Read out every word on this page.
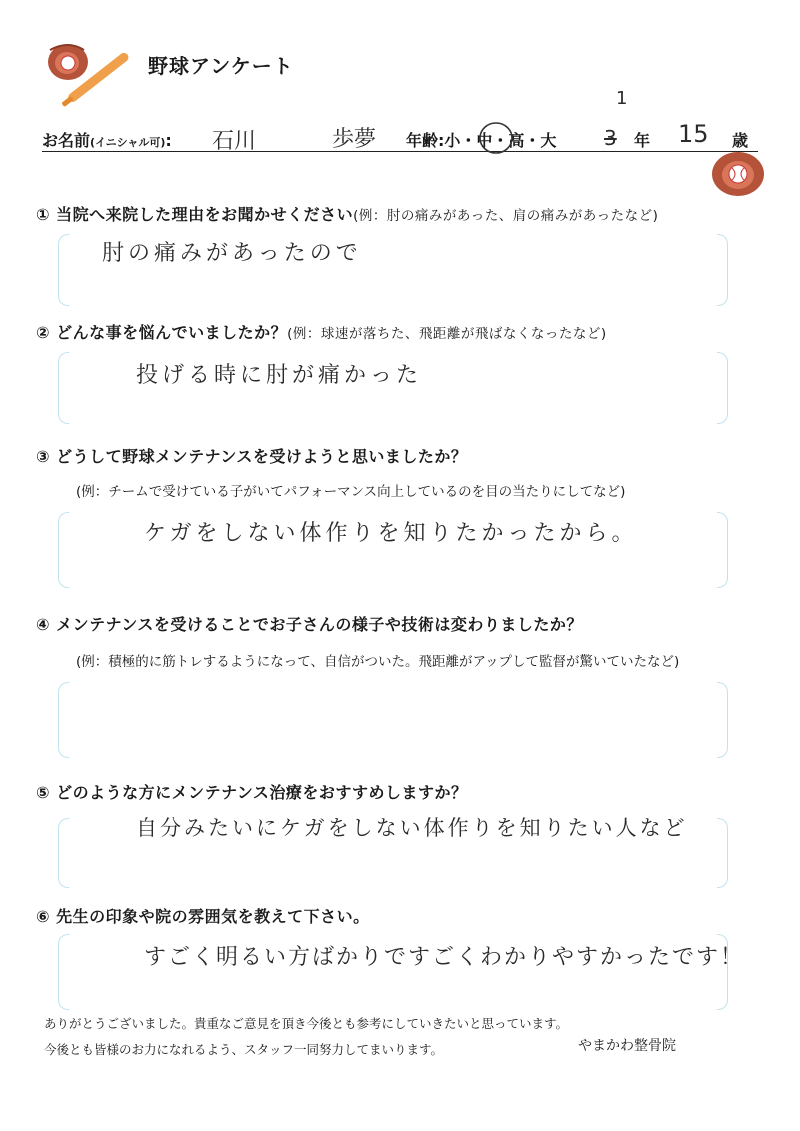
野球アンケート
お名前(イニシャル可): 石川	歩夢 年齢:小・中・高・大 3
1
年 15 歳
① 当院へ来院した理由をお聞かせください(例：肘の痛みがあった、肩の痛みがあったなど)
肘の痛みがあったので
② どんな事を悩んでいましたか？(例：球速が落ちた、飛距離が飛ばなくなったなど)
投げる時に肘が痛かった
③ どうして野球メンテナンスを受けようと思いましたか？
(例：チームで受けている子がいてパフォーマンス向上しているのを目の当たりにしてなど)
ケガをしない体作りを知りたかったから。
④ メンテナンスを受けることでお子さんの様子や技術は変わりましたか？
(例：積極的に筋トレするようになって、自信がついた。飛距離がアップして監督が驚いていたなど)
⑤ どのような方にメンテナンス治療をおすすめしますか？
自分みたいにケガをしない体作りを知りたい人など
⑥ 先生の印象や院の雰囲気を教えて下さい。
すごく明るい方ばかりですごくわかりやすかったです！
ありがとうございました。貴重なご意見を頂き今後とも参考にしていきたいと思っています。
今後とも皆様のお力になれるよう、スタッフ一同努力してまいります。	やまかわ整骨院
